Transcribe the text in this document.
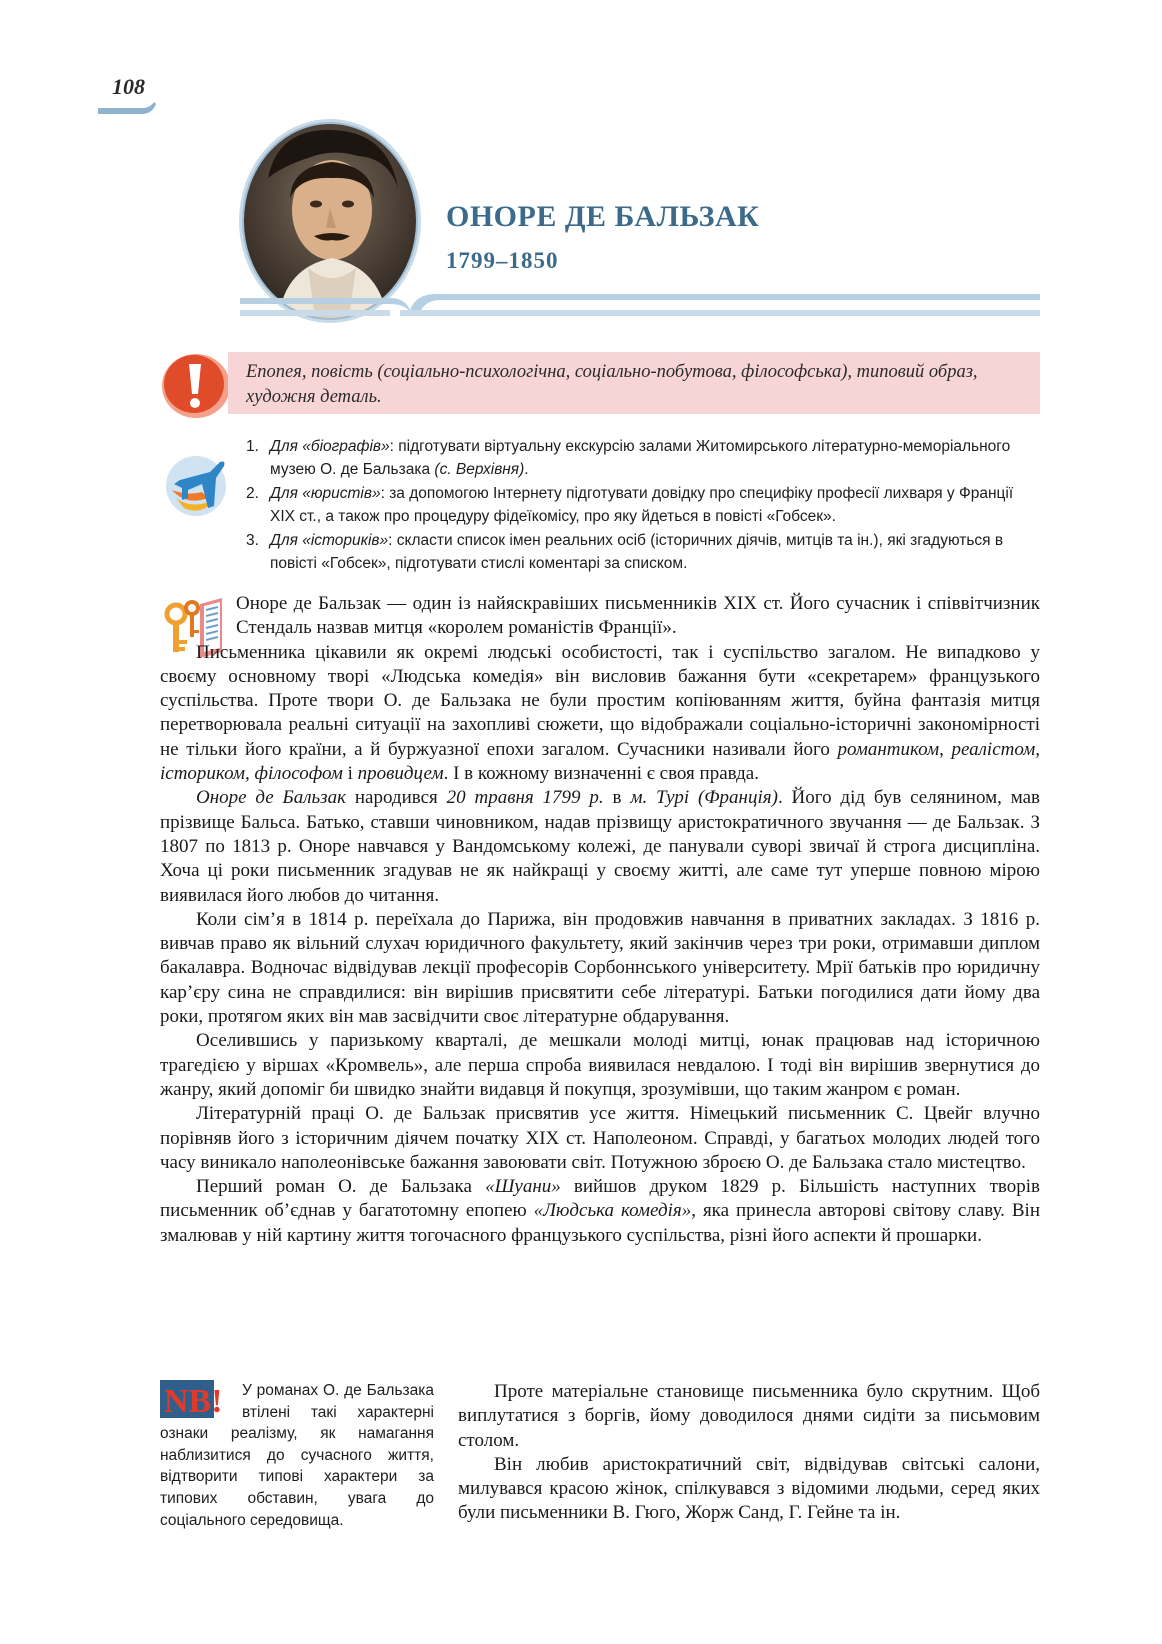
108
ОНОРЕ ДЕ БАЛЬЗАК
1799–1850
Епопея, повість (соціально-психологічна, соціально-побутова, філософська), типовий образ, художня деталь.
1. Для «біографів»: підготувати віртуальну екскурсію залами Житомирського літературно-меморіального музею О. де Бальзака (с. Верхівня).
2. Для «юристів»: за допомогою Інтернету підготувати довідку про специфіку професії лихваря у Франції XIX ст., а також про процедуру фідеїкомісу, про яку йдеться в повісті «Гобсек».
3. Для «істориків»: скласти список імен реальних осіб (історичних діячів, митців та ін.), які згадуються в повісті «Гобсек», підготувати стислі коментарі за списком.

Оноре де Бальзак — один із найяскравіших письменників XIX ст. Його сучасник і співвітчизник Стендаль назвав митця «королем романістів Франції».

Письменника цікавили як окремі людські особистості, так і суспільство загалом. Не випадково у своєму основному творі «Людська комедія» він висловив бажання бути «секретарем» французького суспільства. Проте твори О. де Бальзака не були простим копіюванням життя, буйна фантазія митця перетворювала реальні ситуації на захопливі сюжети, що відображали соціально-історичні закономірності не тільки його країни, а й буржуазної епохи загалом. Сучасники називали його романтиком, реалістом, істориком, філософом і провидцем. І в кожному визначенні є своя правда.

Оноре де Бальзак народився 20 травня 1799 р. в м. Турі (Франція). Його дід був селянином, мав прізвище Бальса. Батько, ставши чиновником, надав прізвищу аристократичного звучання — де Бальзак. З 1807 по 1813 р. Оноре навчався у Вандомському колежі, де панували суворі звичаї й строга дисципліна. Хоча ці роки письменник згадував не як найкращі у своєму житті, але саме тут уперше повною мірою виявилася його любов до читання.

Коли сім’я в 1814 р. переїхала до Парижа, він продовжив навчання в приватних закладах. З 1816 р. вивчав право як вільний слухач юридичного факультету, який закінчив через три роки, отримавши диплом бакалавра. Водночас відвідував лекції професорів Сорбоннського університету. Мрії батьків про юридичну кар’єру сина не справдилися: він вирішив присвятити себе літературі. Батьки погодилися дати йому два роки, протягом яких він мав засвідчити своє літературне обдарування.

Оселившись у паризькому кварталі, де мешкали молоді митці, юнак працював над історичною трагедією у віршах «Кромвель», але перша спроба виявилася невдалою. І тоді він вирішив звернутися до жанру, який допоміг би швидко знайти видавця й покупця, зрозумівши, що таким жанром є роман.

Літературній праці О. де Бальзак присвятив усе життя. Німецький письменник С. Цвейг влучно порівняв його з історичним діячем початку XIX ст. Наполеоном. Справді, у багатьох молодих людей того часу виникало наполеонівське бажання завоювати світ. Потужною зброєю О. де Бальзака стало мистецтво.

Перший роман О. де Бальзака «Шуани» вийшов друком 1829 р. Більшість наступних творів письменник об’єднав у багатотомну епопею «Людська комедія», яка принесла авторові світову славу. Він змалював у ній картину життя тогочасного французького суспільства, різні його аспекти й прошарки.

NB! У романах О. де Бальзака втілені такі характерні ознаки реалізму, як намагання наблизитися до сучасного життя, відтворити типові характери за типових обставин, увага до соціального середовища.

Проте матеріальне становище письменника було скрутним. Щоб виплутатися з боргів, йому доводилося днями сидіти за письмовим столом.

Він любив аристократичний світ, відвідував світські салони, милувався красою жінок, спілкувався з відомими людьми, серед яких були письменники В. Гюго, Жорж Санд, Г. Гейне та ін.
